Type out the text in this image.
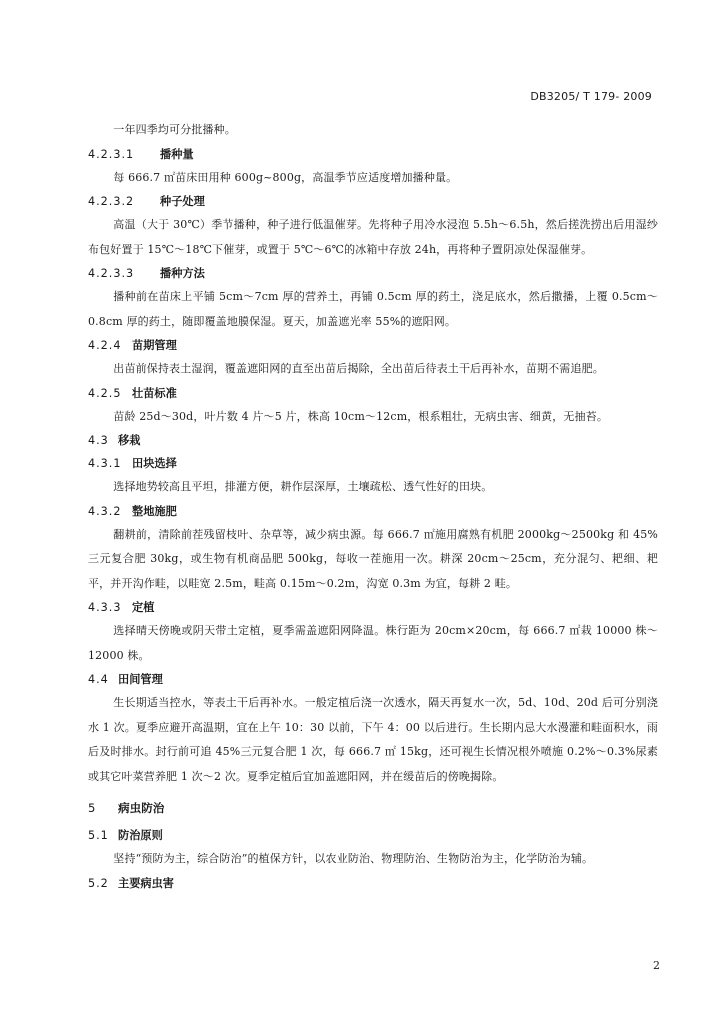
DB3205/ T 179- 2009

一年四季均可分批播种。

4.2.3.1 播种量

每 666.7 ㎡苗床田用种 600g~800g，高温季节应适度增加播种量。

4.2.3.2 种子处理

高温（大于 30℃）季节播种，种子进行低温催芽。先将种子用冷水浸泡 5.5h～6.5h，然后搓洗捞出后用湿纱布包好置于 15℃～18℃下催芽，或置于 5℃～6℃的冰箱中存放 24h，再将种子置阴凉处保湿催芽。

4.2.3.3 播种方法

播种前在苗床上平铺 5cm～7cm 厚的营养土，再铺 0.5cm 厚的药土，浇足底水，然后撒播，上覆 0.5cm～0.8cm 厚的药土，随即覆盖地膜保湿。夏天，加盖遮光率 55%的遮阳网。

4.2.4 苗期管理

出苗前保持表土湿润，覆盖遮阳网的直至出苗后揭除，全出苗后待表土干后再补水，苗期不需追肥。

4.2.5 壮苗标准

苗龄 25d～30d，叶片数 4 片～5 片，株高 10cm～12cm，根系粗壮，无病虫害、细黄，无抽苔。

4.3 移栽
4.3.1 田块选择

选择地势较高且平坦，排灌方便，耕作层深厚，土壤疏松、透气性好的田块。

4.3.2 整地施肥

翻耕前，清除前茬残留枝叶、杂草等，减少病虫源。每 666.7 ㎡施用腐熟有机肥 2000kg～2500kg 和 45%三元复合肥 30kg，或生物有机商品肥 500kg，每收一茬施用一次。耕深 20cm～25cm，充分混匀、耙细、耙平，并开沟作畦，以畦宽 2.5m，畦高 0.15m～0.2m，沟宽 0.3m 为宜，每耕 2 畦。

4.3.3 定植

选择晴天傍晚或阴天带土定植，夏季需盖遮阳网降温。株行距为 20cm×20cm，每 666.7 ㎡栽 10000 株～12000 株。

4.4 田间管理

生长期适当控水，等表土干后再补水。一般定植后浇一次透水，隔天再复水一次，5d、10d、20d 后可分别浇水 1 次。夏季应避开高温期，宜在上午 10：30 以前，下午 4：00 以后进行。生长期内忌大水漫灌和畦面积水，雨后及时排水。封行前可追 45%三元复合肥 1 次，每 666.7 ㎡ 15kg，还可视生长情况根外喷施 0.2%～0.3%尿素或其它叶菜营养肥 1 次～2 次。夏季定植后宜加盖遮阳网，并在缓苗后的傍晚揭除。

5 病虫防治
5.1 防治原则

坚持“预防为主，综合防治”的植保方针，以农业防治、物理防治、生物防治为主，化学防治为辅。

5.2 主要病虫害
2
